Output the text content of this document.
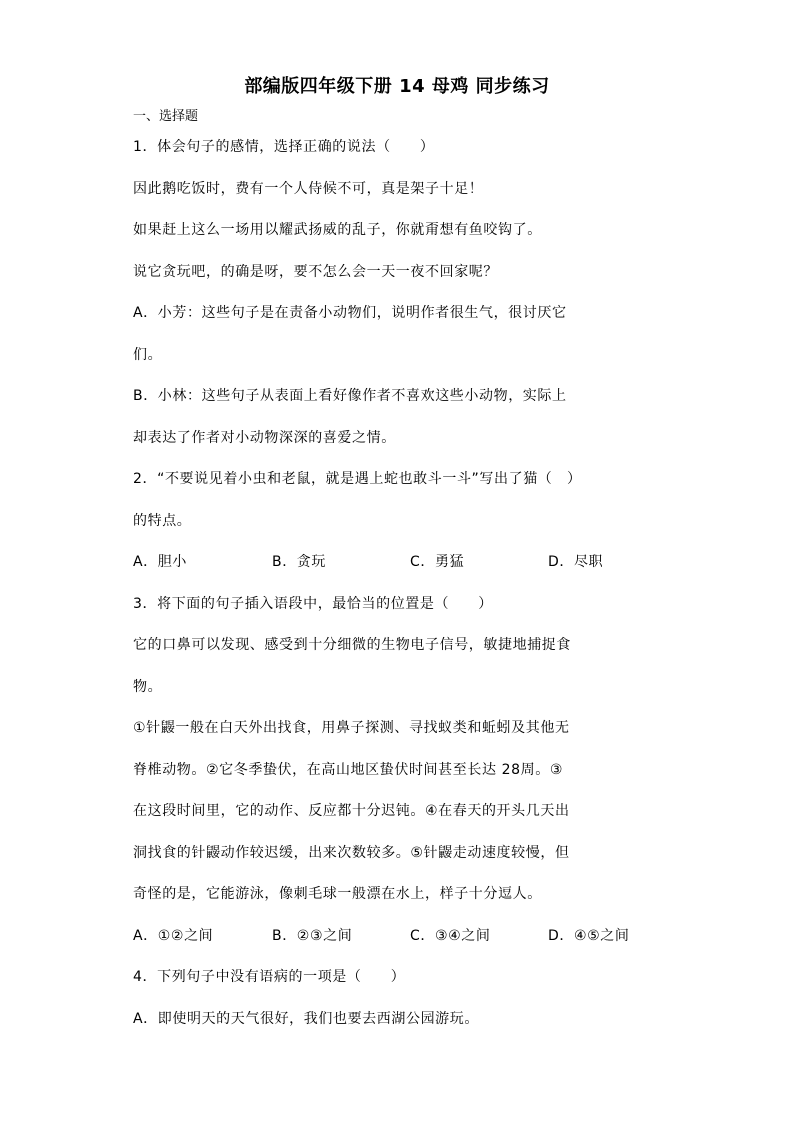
部编版四年级下册 14 母鸡 同步练习
一、选择题
1．体会句子的感情，选择正确的说法（　　）
因此鹅吃饭时，费有一个人侍候不可，真是架子十足！
如果赶上这么一场用以耀武扬威的乱子，你就甭想有鱼咬钩了。
说它贪玩吧，的确是呀，要不怎么会一天一夜不回家呢？
A．小芳：这些句子是在责备小动物们，说明作者很生气，很讨厌它
们。
B．小林：这些句子从表面上看好像作者不喜欢这些小动物，实际上
却表达了作者对小动物深深的喜爱之情。
2．“不要说见着小虫和老鼠，就是遇上蛇也敢斗一斗”写出了猫（　）
的特点。
A．胆小	B．贪玩	C．勇猛	D．尽职
3．将下面的句子插入语段中，最恰当的位置是（　　）
它的口鼻可以发现、感受到十分细微的生物电子信号，敏捷地捕捉食
物。
①针鼹一般在白天外出找食，用鼻子探测、寻找蚁类和蚯蚓及其他无
脊椎动物。②它冬季蛰伏，在高山地区蛰伏时间甚至长达 28周。③
在这段时间里，它的动作、反应都十分迟钝。④在春天的开头几天出
洞找食的针鼹动作较迟缓，出来次数较多。⑤针鼹走动速度较慢，但
奇怪的是，它能游泳，像刺毛球一般漂在水上，样子十分逗人。
A．①②之间	B．②③之间	C．③④之间	D．④⑤之间
4．下列句子中没有语病的一项是（　　）
A．即使明天的天气很好，我们也要去西湖公园游玩。
